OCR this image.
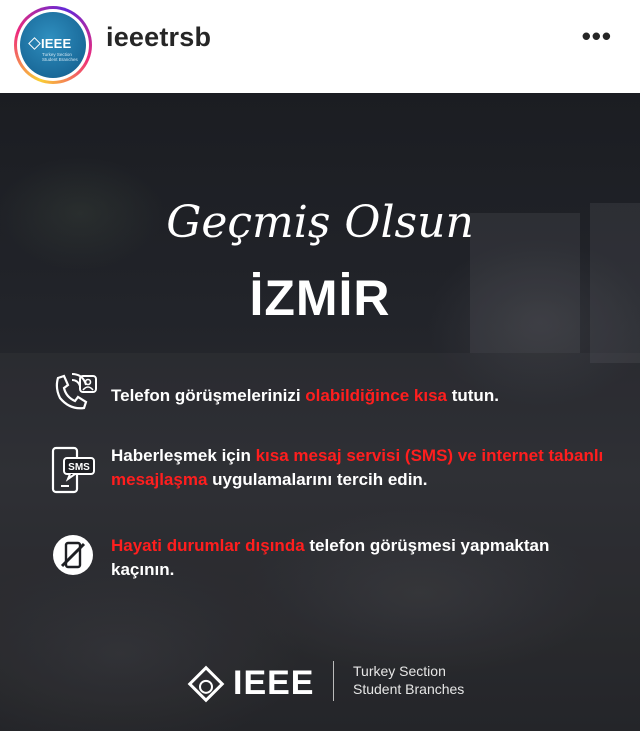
IEEE
Turkey Section Student Branches
ieeetrsb	•••
Geçmiş Olsun
İZMİR
Telefon görüşmelerinizi olabildiğince kısa tutun.
SMS
Haberleşmek için kısa mesaj servisi (SMS) ve internet tabanlı mesajlaşma uygulamalarını tercih edin.
Hayati durumlar dışında telefon görüşmesi yapmaktan kaçının.
IEEE	Turkey Section
Student Branches
